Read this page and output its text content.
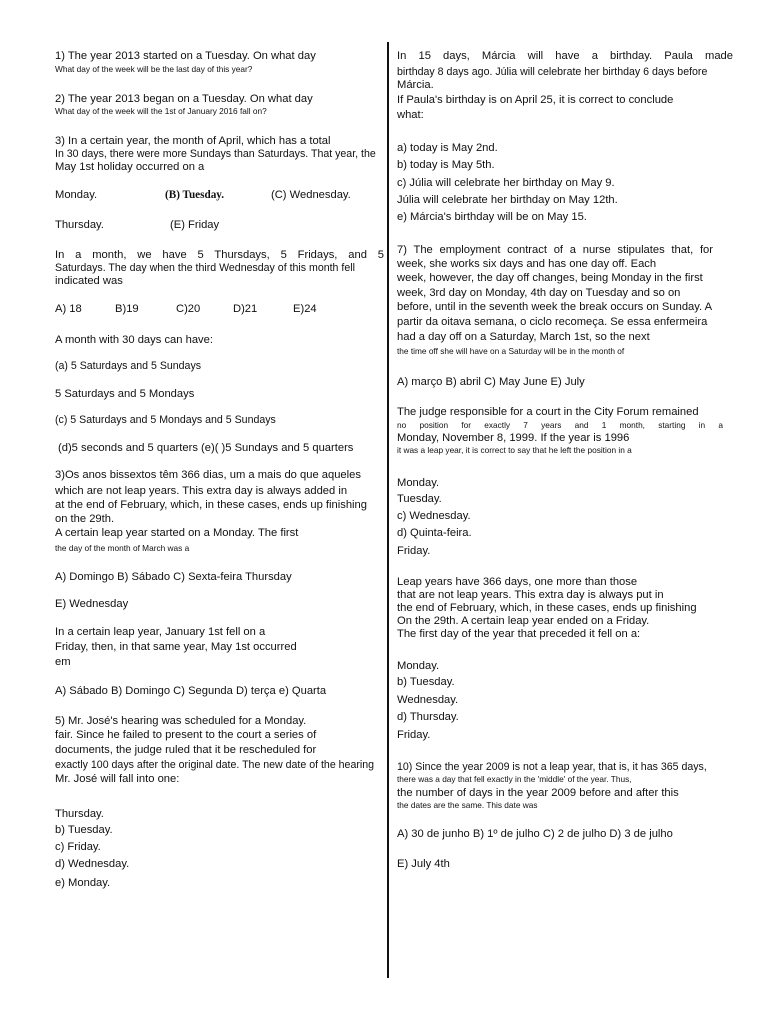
1) The year 2013 started on a Tuesday. On what day
What day of the week will be the last day of this year?
2) The year 2013 began on a Tuesday. On what day
What day of the week will the 1st of January 2016 fall on?
3) In a certain year, the month of April, which has a total
In 30 days, there were more Sundays than Saturdays. That year, the
May 1st holiday occurred on a
Monday.	(B) Tuesday.	(C) Wednesday.
Thursday.	(E) Friday
In a month, we have 5 Thursdays, 5 Fridays, and 5
Saturdays. The day when the third Wednesday of this month fell
indicated was
A) 18	B)19	C)20	D)21	E)24
A month with 30 days can have:
(a) 5 Saturdays and 5 Sundays
5 Saturdays and 5 Mondays
(c) 5 Saturdays and 5 Mondays and 5 Sundays
(d)5 seconds and 5 quarters (e)( )5 Sundays and 5 quarters
3)Os anos bissextos têm 366 dias, um a mais do que aqueles
which are not leap years. This extra day is always added in
at the end of February, which, in these cases, ends up finishing
on the 29th.
A certain leap year started on a Monday. The first
the day of the month of March was a
A) Domingo B) Sábado C) Sexta-feira Thursday
E) Wednesday
In a certain leap year, January 1st fell on a
Friday, then, in that same year, May 1st occurred
em
A) Sábado B) Domingo C) Segunda D) terça e) Quarta
5) Mr. José's hearing was scheduled for a Monday.
fair. Since he failed to present to the court a series of
documents, the judge ruled that it be rescheduled for
exactly 100 days after the original date. The new date of the hearing
Mr. José will fall into one:
Thursday.
b) Tuesday.
c) Friday.
d) Wednesday.
e) Monday.
In 15 days, Márcia will have a birthday. Paula made
birthday 8 days ago. Júlia will celebrate her birthday 6 days before
Márcia.
If Paula's birthday is on April 25, it is correct to conclude
what:
a) today is May 2nd.
b) today is May 5th.
c) Júlia will celebrate her birthday on May 9.
Júlia will celebrate her birthday on May 12th.
e) Márcia's birthday will be on May 15.
7) The employment contract of a nurse stipulates that, for
week, she works six days and has one day off. Each
week, however, the day off changes, being Monday in the first
week, 3rd day on Monday, 4th day on Tuesday and so on
before, until in the seventh week the break occurs on Sunday. A
partir da oitava semana, o ciclo recomeça. Se essa enfermeira
had a day off on a Saturday, March 1st, so the next
the time off she will have on a Saturday will be in the month of
A) março B) abril C) May June E) July
The judge responsible for a court in the City Forum remained
no position for exactly 7 years and 1 month, starting in a
Monday, November 8, 1999. If the year is 1996
it was a leap year, it is correct to say that he left the position in a
Monday.
Tuesday.
c) Wednesday.
d) Quinta-feira.
Friday.
Leap years have 366 days, one more than those
that are not leap years. This extra day is always put in
the end of February, which, in these cases, ends up finishing
On the 29th. A certain leap year ended on a Friday.
The first day of the year that preceded it fell on a:
Monday.
b) Tuesday.
Wednesday.
d) Thursday.
Friday.
10) Since the year 2009 is not a leap year, that is, it has 365 days,
there was a day that fell exactly in the 'middle' of the year. Thus,
the number of days in the year 2009 before and after this
the dates are the same. This date was
A) 30 de junho B) 1º de julho C) 2 de julho D) 3 de julho
E) July 4th
